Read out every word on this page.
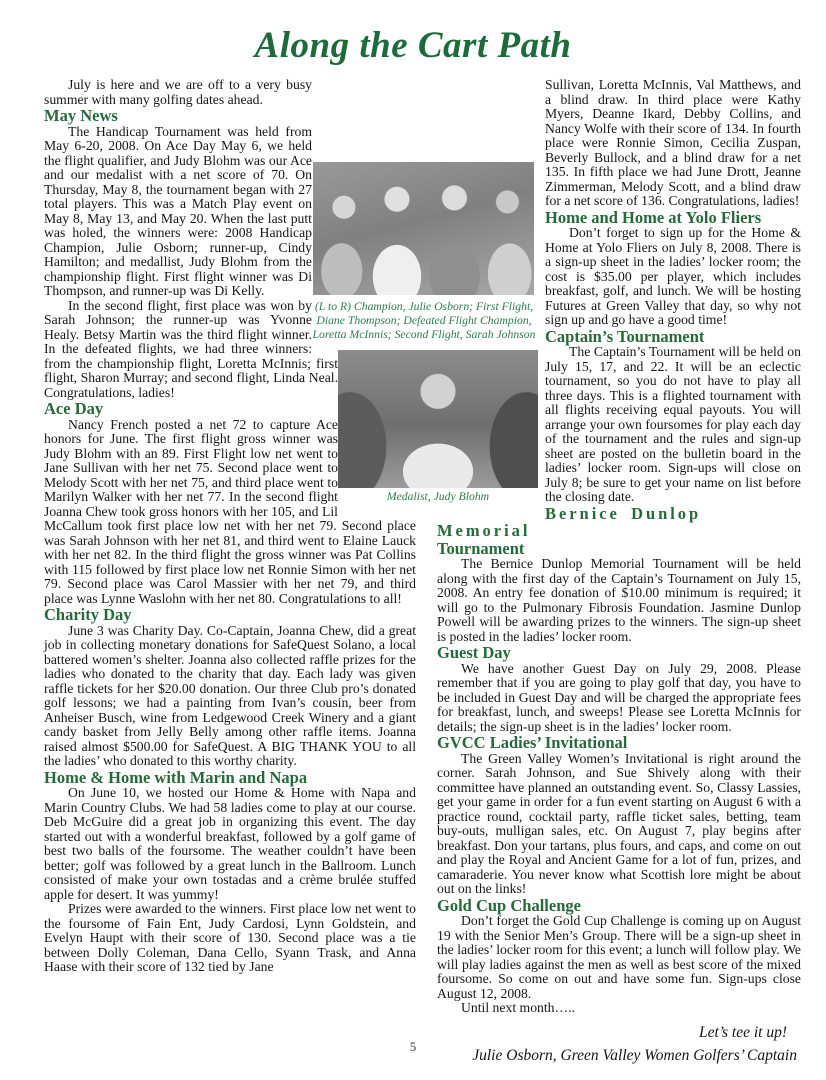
Along the Cart Path

July is here and we are off to a very busy summer with many golfing dates ahead.

May News

The Handicap Tournament was held from May 6-20, 2008. On Ace Day May 6, we held the flight qualifier, and Judy Blohm was our Ace and our medalist with a net score of 70. On Thursday, May 8, the tournament began with 27 total players. This was a Match Play event on May 8, May 13, and May 20. When the last putt was holed, the winners were: 2008 Handicap Champion, Julie Osborn; runner-up, Cindy Hamilton; and medallist, Judy Blohm from the championship flight. First flight winner was Di Thompson, and runner-up was Di Kelly.

In the second flight, first place was won by Sarah Johnson; the runner-up was Yvonne Healy. Betsy Martin was the third flight winner. In the defeated flights, we had three winners: from the championship flight, Loretta McInnis; first flight, Sharon Murray; and second flight, Linda Neal. Congratulations, ladies!

Ace Day

Nancy French posted a net 72 to capture Ace honors for June. The first flight gross winner was Judy Blohm with an 89. First Flight low net went to Jane Sullivan with her net 75. Second place went to Melody Scott with her net 75, and third place went to Marilyn Walker with her net 77. In the second flight Joanna Chew took gross honors with her 105, and Lil McCallum took first place low net with her net 79. Second place was Sarah Johnson with her net 81, and third went to Elaine Lauck with her net 82. In the third flight the gross winner was Pat Collins with 115 followed by first place low net Ronnie Simon with her net 79. Second place was Carol Massier with her net 79, and third place was Lynne Waslohn with her net 80. Congratulations to all!

Charity Day

June 3 was Charity Day. Co-Captain, Joanna Chew, did a great job in collecting monetary donations for SafeQuest Solano, a local battered women’s shelter. Joanna also collected raffle prizes for the ladies who donated to the charity that day. Each lady was given raffle tickets for her $20.00 donation. Our three Club pro’s donated golf lessons; we had a painting from Ivan’s cousin, beer from Anheiser Busch, wine from Ledgewood Creek Winery and a giant candy basket from Jelly Belly among other raffle items. Joanna raised almost $500.00 for SafeQuest. A BIG THANK YOU to all the ladies’ who donated to this worthy charity.

Home & Home with Marin and Napa

On June 10, we hosted our Home & Home with Napa and Marin Country Clubs. We had 58 ladies come to play at our course. Deb McGuire did a great job in organizing this event. The day started out with a wonderful breakfast, followed by a golf game of best two balls of the foursome. The weather couldn’t have been better; golf was followed by a great lunch in the Ballroom. Lunch consisted of make your own tostadas and a crème brulée stuffed apple for desert. It was yummy!

Prizes were awarded to the winners. First place low net went to the foursome of Fain Ent, Judy Cardosi, Lynn Goldstein, and Evelyn Haupt with their score of 130. Second place was a tie between Dolly Coleman, Dana Cello, Syann Trask, and Anna Haase with their score of 132 tied by Jane

Sullivan, Loretta McInnis, Val Matthews, and a blind draw. In third place were Kathy Myers, Deanne Ikard, Debby Collins, and Nancy Wolfe with their score of 134. In fourth place were Ronnie Simon, Cecilia Zuspan, Beverly Bullock, and a blind draw for a net 135. In fifth place we had June Drott, Jeanne Zimmerman, Melody Scott, and a blind draw for a net score of 136. Congratulations, ladies!

Home and Home at Yolo Fliers

Don’t forget to sign up for the Home & Home at Yolo Fliers on July 8, 2008. There is a sign-up sheet in the ladies’ locker room; the cost is $35.00 per player, which includes breakfast, golf, and lunch. We will be hosting Futures at Green Valley that day, so why not sign up and go have a good time!

Captain’s Tournament

The Captain’s Tournament will be held on July 15, 17, and 22. It will be an eclectic tournament, so you do not have to play all three days. This is a flighted tournament with all flights receiving equal payouts. You will arrange your own foursomes for play each day of the tournament and the rules and sign-up sheet are posted on the bulletin board in the ladies’ locker room. Sign-ups will close on July 8; be sure to get your name on list before the closing date.

Bernice Dunlop Memorial
Tournament

The Bernice Dunlop Memorial Tournament will be held along with the first day of the Captain’s Tournament on July 15, 2008. An entry fee donation of $10.00 minimum is required; it will go to the Pulmonary Fibrosis Foundation. Jasmine Dunlop Powell will be awarding prizes to the winners. The sign-up sheet is posted in the ladies’ locker room.

Guest Day

We have another Guest Day on July 29, 2008. Please remember that if you are going to play golf that day, you have to be included in Guest Day and will be charged the appropriate fees for breakfast, lunch, and sweeps! Please see Loretta McInnis for details; the sign-up sheet is in the ladies’ locker room.

GVCC Ladies’ Invitational

The Green Valley Women’s Invitational is right around the corner. Sarah Johnson, and Sue Shively along with their committee have planned an outstanding event. So, Classy Lassies, get your game in order for a fun event starting on August 6 with a practice round, cocktail party, raffle ticket sales, betting, team buy-outs, mulligan sales, etc. On August 7, play begins after breakfast. Don your tartans, plus fours, and caps, and come on out and play the Royal and Ancient Game for a lot of fun, prizes, and camaraderie. You never know what Scottish lore might be about out on the links!

Gold Cup Challenge

Don’t forget the Gold Cup Challenge is coming up on August 19 with the Senior Men’s Group. There will be a sign-up sheet in the ladies’ locker room for this event; a lunch will follow play. We will play ladies against the men as well as best score of the mixed foursome. So come on out and have some fun. Sign-ups close August 12, 2008.

Until next month…..

Let’s tee it up!
Julie Osborn, Green Valley Women Golfers’ Captain
(L to R) Champion, Julie Osborn; First Flight, Diane Thompson; Defeated Flight Champion, Loretta McInnis; Second Flight, Sarah Johnson
Medalist, Judy Blohm
5
